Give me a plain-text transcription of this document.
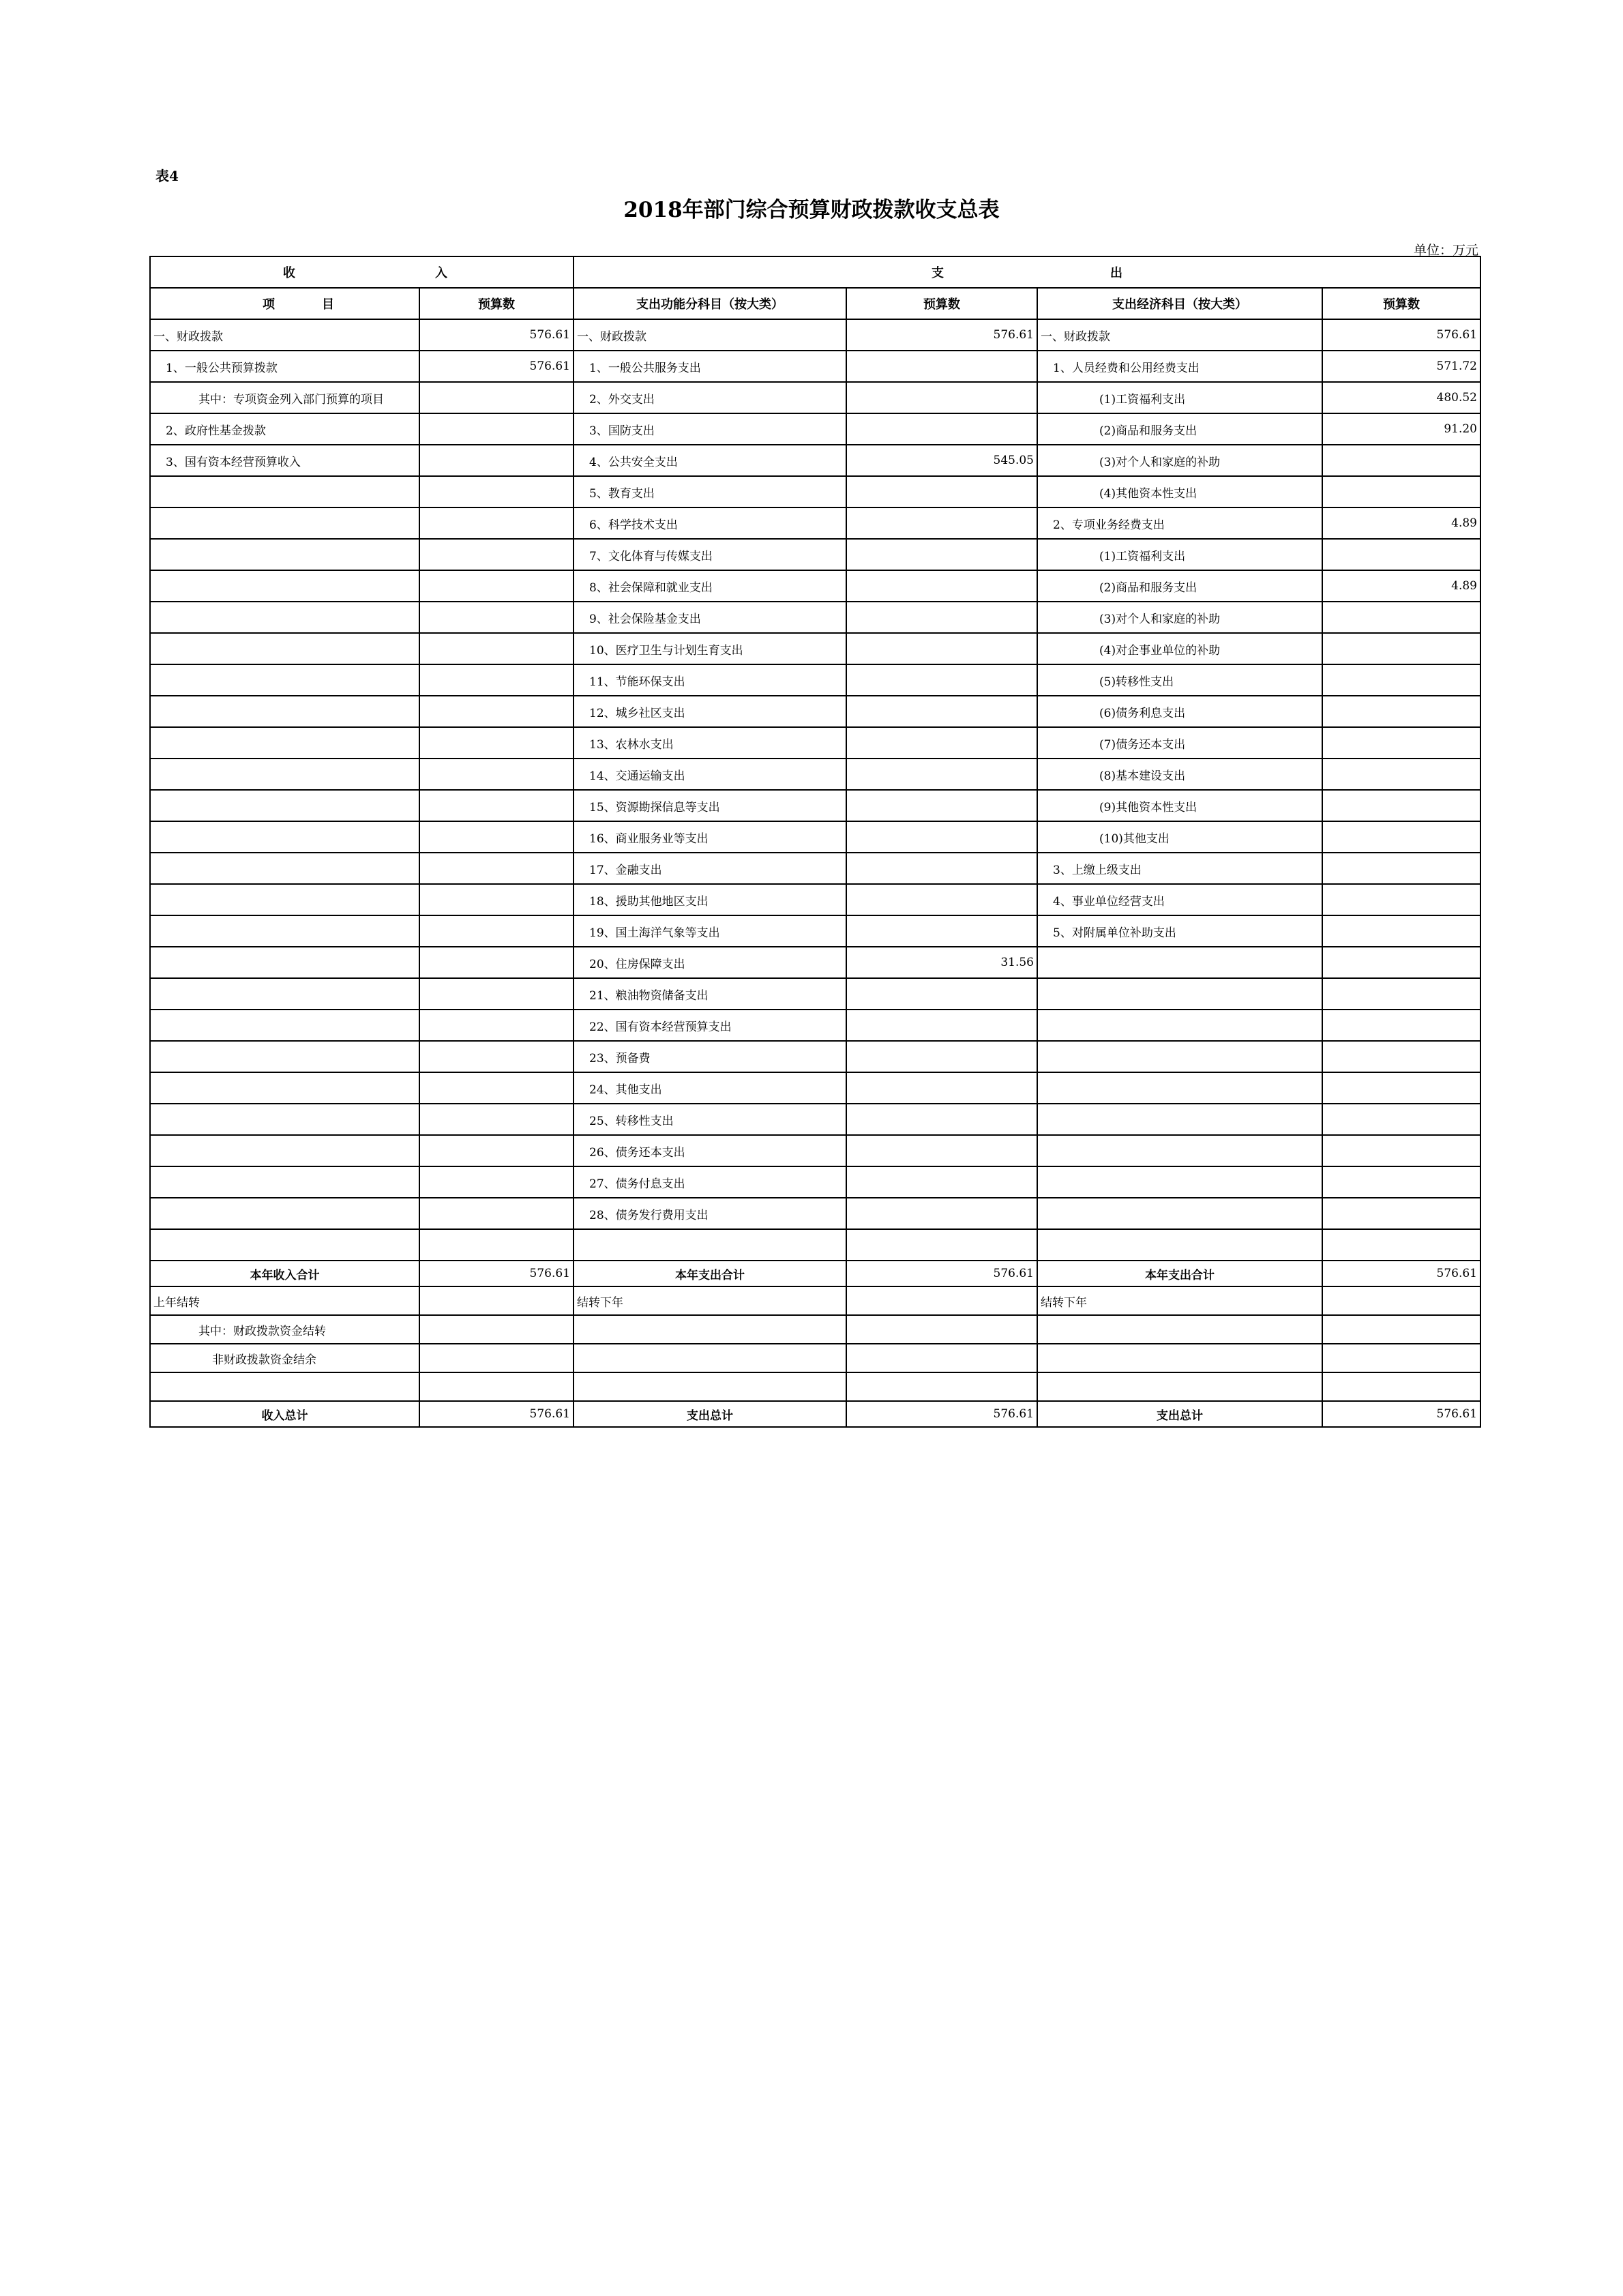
表4
2018年部门综合预算财政拨款收支总表
单位：万元
收 入		支 出			

项 目	预算数	支出功能分科目（按大类）	预算数	支出经济科目（按大类）	预算数
一、财政拨款	576.61	一、财政拨款	576.61	一、财政拨款	576.61
1、一般公共预算拨款	576.61	1、一般公共服务支出		1、人员经费和公用经费支出	571.72
其中：专项资金列入部门预算的项目		2、外交支出		(1)工资福利支出	480.52
2、政府性基金拨款		3、国防支出		(2)商品和服务支出	91.20
3、国有资本经营预算收入		4、公共安全支出	545.05	(3)对个人和家庭的补助	
		5、教育支出		(4)其他资本性支出	
		6、科学技术支出		2、专项业务经费支出	4.89
		7、文化体育与传媒支出		(1)工资福利支出	
		8、社会保障和就业支出		(2)商品和服务支出	4.89
		9、社会保险基金支出		(3)对个人和家庭的补助	
		10、医疗卫生与计划生育支出		(4)对企事业单位的补助	
		11、节能环保支出		(5)转移性支出	
		12、城乡社区支出		(6)债务利息支出	
		13、农林水支出		(7)债务还本支出	
		14、交通运输支出		(8)基本建设支出	
		15、资源勘探信息等支出		(9)其他资本性支出	
		16、商业服务业等支出		(10)其他支出	
		17、金融支出		3、上缴上级支出	
		18、援助其他地区支出		4、事业单位经营支出	
		19、国土海洋气象等支出		5、对附属单位补助支出	
		20、住房保障支出	31.56		
		21、粮油物资储备支出			
		22、国有资本经营预算支出			
		23、预备费			
		24、其他支出			
		25、转移性支出			
		26、债务还本支出			
		27、债务付息支出			
		28、债务发行费用支出			

本年收入合计	576.61	本年支出合计	576.61	本年支出合计	576.61
上年结转		结转下年		结转下年	
其中：财政拨款资金结转					
非财政拨款资金结余					

收入总计	576.61	支出总计	576.61	支出总计	576.61
